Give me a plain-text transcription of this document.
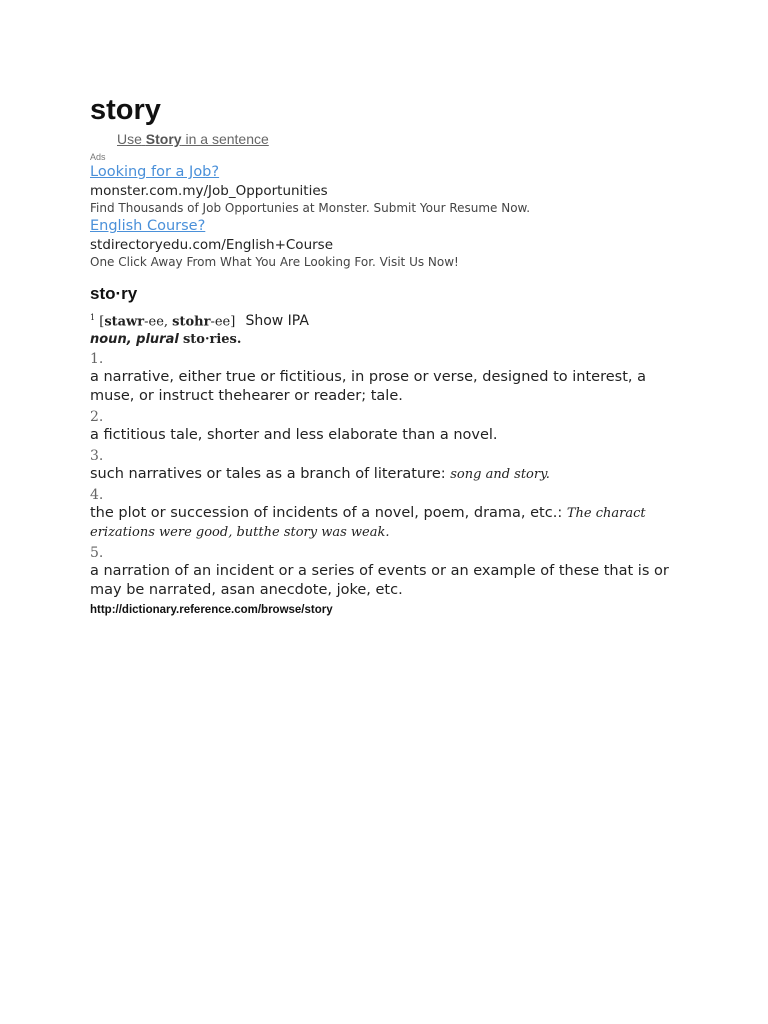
story
Use Story in a sentence
Ads
Looking for a Job?
monster.com.my/Job_Opportunities
Find Thousands of Job Opportunies at Monster. Submit Your Resume Now.
English Course?
stdirectoryedu.com/English+Course
One Click Away From What You Are Looking For. Visit Us Now!
sto·ry
$^1$ [stawr-ee, stohr-ee] Show IPA
noun, plural sto·ries.
1.
a narrative, either true or fictitious, in prose or verse, designed to interest, a muse, or instruct thehearer or reader; tale.
2.
a fictitious tale, shorter and less elaborate than a novel.
3.
such narratives or tales as a branch of literature: song and story.
4.
the plot or succession of incidents of a novel, poem, drama, etc.: The charact erizations were good, butthe story was weak.
5.
a narration of an incident or a series of events or an example of these that is or may be narrated, asan anecdote, joke, etc.
http://dictionary.reference.com/browse/story
